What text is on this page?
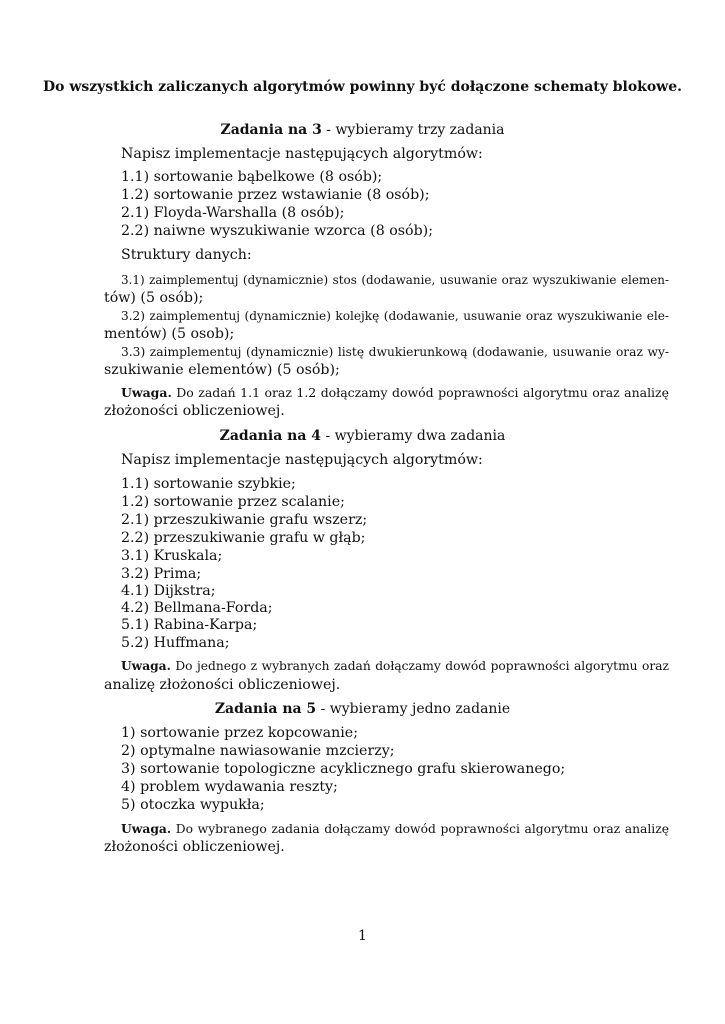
Do wszystkich zaliczanych algorytmów powinny być dołączone schematy blokowe.
Zadania na 3 - wybieramy trzy zadania
Napisz implementacje następujących algorytmów:
1.1) sortowanie bąbelkowe (8 osób);
1.2) sortowanie przez wstawianie (8 osób);
2.1) Floyda-Warshalla (8 osób);
2.2) naiwne wyszukiwanie wzorca (8 osób);
Struktury danych:
3.1) zaimplementuj (dynamicznie) stos (dodawanie, usuwanie oraz wyszukiwanie elemen-
tów) (5 osób);
3.2) zaimplementuj (dynamicznie) kolejkę (dodawanie, usuwanie oraz wyszukiwanie ele-
mentów) (5 osob);
3.3) zaimplementuj (dynamicznie) listę dwukierunkową (dodawanie, usuwanie oraz wy-
szukiwanie elementów) (5 osób);
Uwaga. Do zadań 1.1 oraz 1.2 dołączamy dowód poprawności algorytmu oraz analizę
złożoności obliczeniowej.
Zadania na 4 - wybieramy dwa zadania
Napisz implementacje następujących algorytmów:
1.1) sortowanie szybkie;
1.2) sortowanie przez scalanie;
2.1) przeszukiwanie grafu wszerz;
2.2) przeszukiwanie grafu w głąb;
3.1) Kruskala;
3.2) Prima;
4.1) Dijkstra;
4.2) Bellmana-Forda;
5.1) Rabina-Karpa;
5.2) Huffmana;
Uwaga. Do jednego z wybranych zadań dołączamy dowód poprawności algorytmu oraz
analizę złożoności obliczeniowej.
Zadania na 5 - wybieramy jedno zadanie
1) sortowanie przez kopcowanie;
2) optymalne nawiasowanie mzcierzy;
3) sortowanie topologiczne acyklicznego grafu skierowanego;
4) problem wydawania reszty;
5) otoczka wypukła;
Uwaga. Do wybranego zadania dołączamy dowód poprawności algorytmu oraz analizę
złożoności obliczeniowej.
1
